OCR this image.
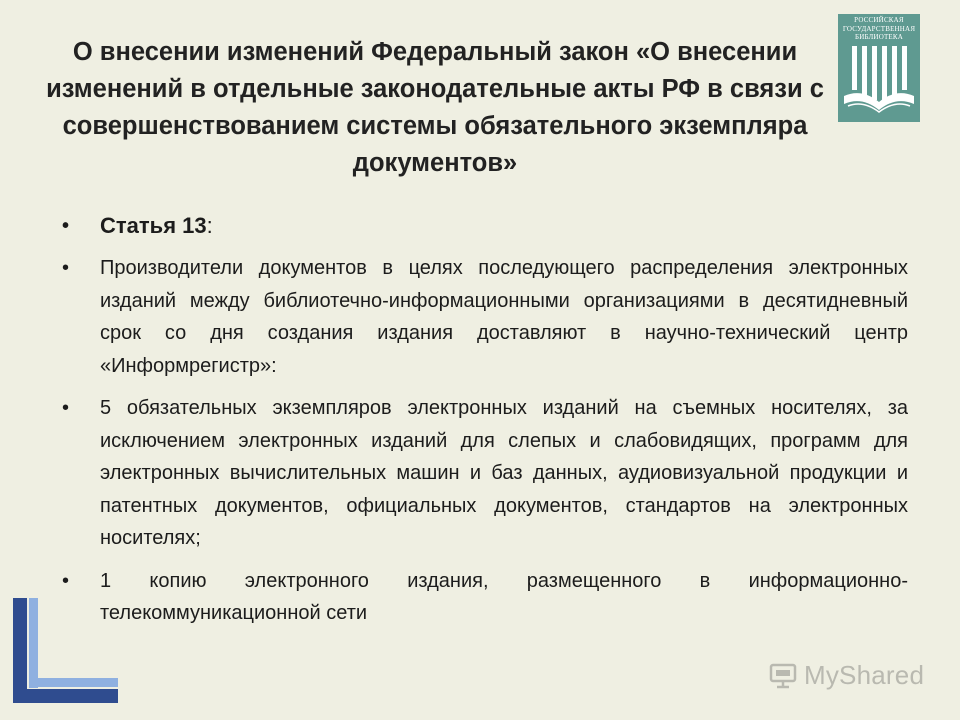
О внесении изменений Федеральный закон «О внесении изменений в отдельные законодательные акты РФ в связи с совершенствованием системы обязательного экземпляра документов»
РОССИЙСКАЯ
ГОСУДАРСТВЕННАЯ
БИБЛИОТЕКА
• Статья 13:
• Производители документов в целях последующего распределения электронных изданий между библиотечно-информационными организациями в десятидневный срок со дня создания издания доставляют в научно-технический центр «Информрегистр»:
• 5 обязательных экземпляров электронных изданий на съемных носителях, за исключением электронных изданий для слепых и слабовидящих, программ для электронных вычислительных машин и баз данных, аудиовизуальной продукции и патентных документов, официальных документов, стандартов на электронных носителях;
• 1 копию электронного издания, размещенного в информационно-телекоммуникационной сети
MyShared
